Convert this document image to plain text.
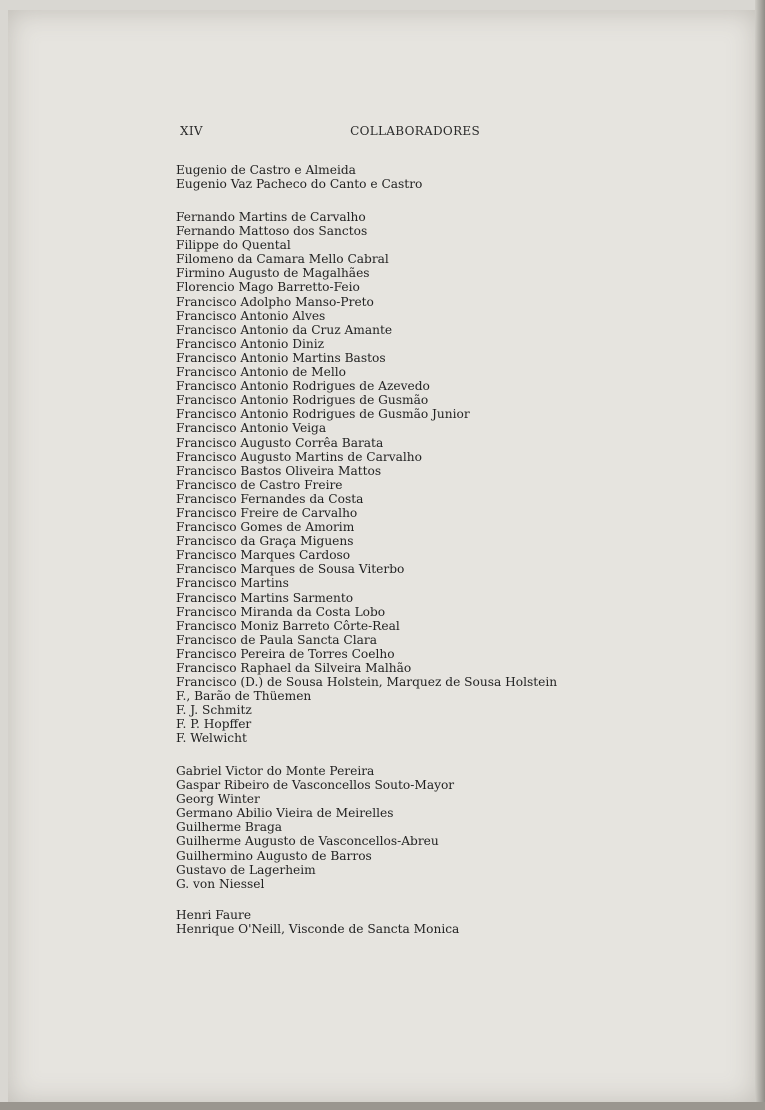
XIV	COLLABORADORES
Eugenio de Castro e Almeida
Eugenio Vaz Pacheco do Canto e Castro
Fernando Martins de Carvalho
Fernando Mattoso dos Sanctos
Filippe do Quental
Filomeno da Camara Mello Cabral
Firmino Augusto de Magalhães
Florencio Mago Barretto-Feio
Francisco Adolpho Manso-Preto
Francisco Antonio Alves
Francisco Antonio da Cruz Amante
Francisco Antonio Diniz
Francisco Antonio Martins Bastos
Francisco Antonio de Mello
Francisco Antonio Rodrigues de Azevedo
Francisco Antonio Rodrigues de Gusmão
Francisco Antonio Rodrigues de Gusmão Junior
Francisco Antonio Veiga
Francisco Augusto Corrêa Barata
Francisco Augusto Martins de Carvalho
Francisco Bastos Oliveira Mattos
Francisco de Castro Freire
Francisco Fernandes da Costa
Francisco Freire de Carvalho
Francisco Gomes de Amorim
Francisco da Graça Miguens
Francisco Marques Cardoso
Francisco Marques de Sousa Viterbo
Francisco Martins
Francisco Martins Sarmento
Francisco Miranda da Costa Lobo
Francisco Moniz Barreto Côrte-Real
Francisco de Paula Sancta Clara
Francisco Pereira de Torres Coelho
Francisco Raphael da Silveira Malhão
Francisco (D.) de Sousa Holstein, Marquez de Sousa Holstein
F., Barão de Thüemen
F. J. Schmitz
F. P. Hopffer
F. Welwicht
Gabriel Victor do Monte Pereira
Gaspar Ribeiro de Vasconcellos Souto-Mayor
Georg Winter
Germano Abilio Vieira de Meirelles
Guilherme Braga
Guilherme Augusto de Vasconcellos-Abreu
Guilhermino Augusto de Barros
Gustavo de Lagerheim
G. von Niessel
Henri Faure
Henrique O'Neill, Visconde de Sancta Monica
